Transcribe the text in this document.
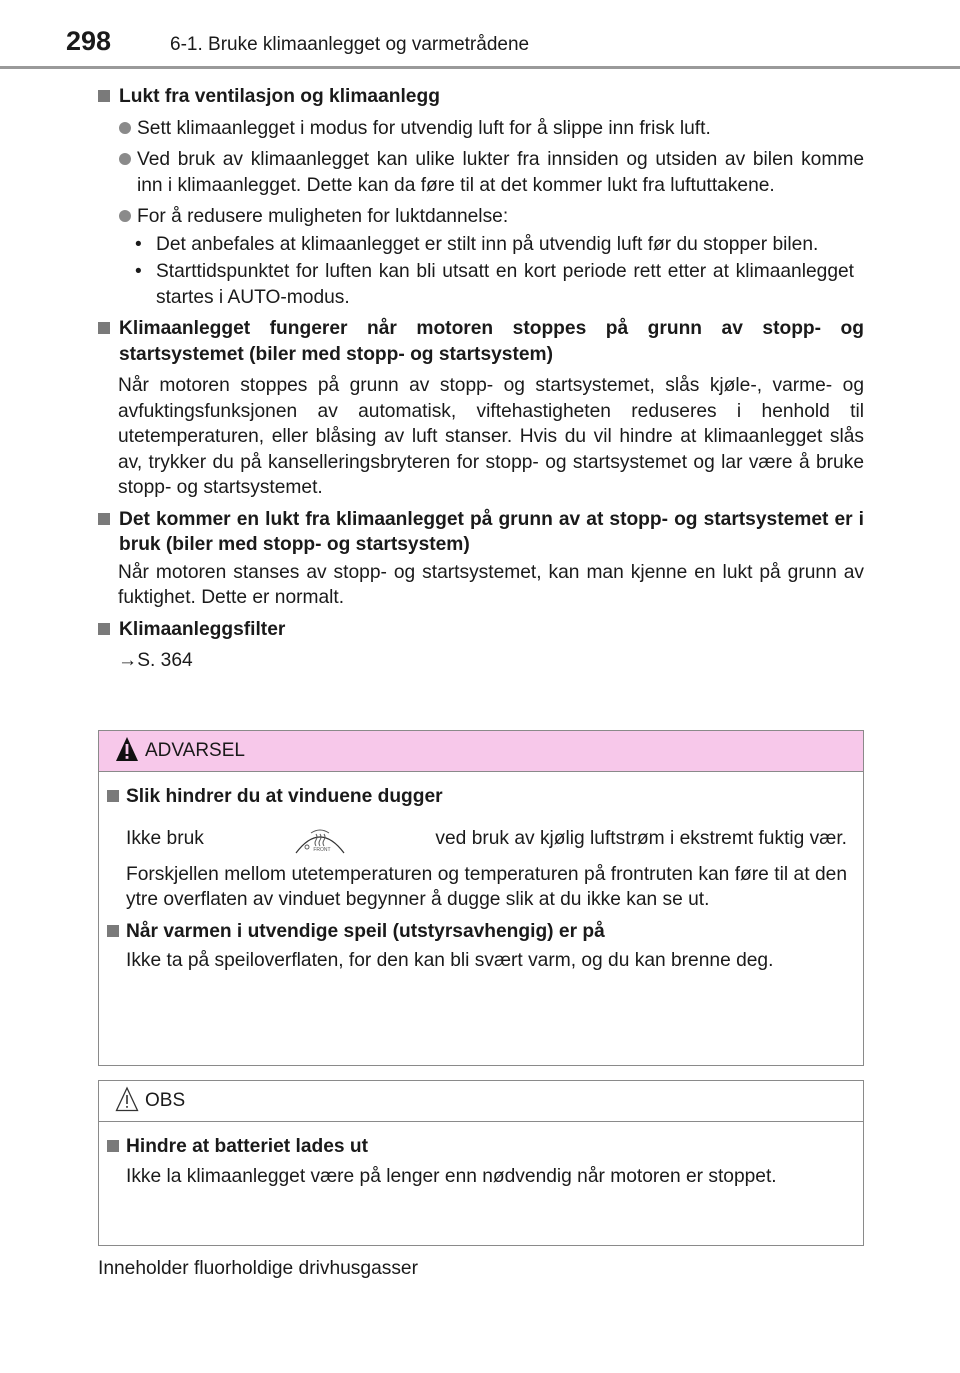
298	6-1. Bruke klimaanlegget og varmetrådene
Lukt fra ventilasjon og klimaanlegg
Sett klimaanlegget i modus for utvendig luft for å slippe inn frisk luft.
Ved bruk av klimaanlegget kan ulike lukter fra innsiden og utsiden av bilen komme inn i klimaanlegget. Dette kan da føre til at det kommer lukt fra luftuttakene.
For å redusere muligheten for luktdannelse:
• Det anbefales at klimaanlegget er stilt inn på utvendig luft før du stopper bilen.
• Starttidspunktet for luften kan bli utsatt en kort periode rett etter at klimaanlegget startes i AUTO-modus.
Klimaanlegget fungerer når motoren stoppes på grunn av stopp- og startsystemet (biler med stopp- og startsystem)
Når motoren stoppes på grunn av stopp- og startsystemet, slås kjøle-, varme- og avfuktingsfunksjonen av automatisk, viftehastigheten reduseres i henhold til utetemperaturen, eller blåsing av luft stanser. Hvis du vil hindre at klimaanlegget slås av, trykker du på kanselleringsbryteren for stopp- og startsystemet og lar være å bruke stopp- og startsystemet.
Det kommer en lukt fra klimaanlegget på grunn av at stopp- og startsystemet er i bruk (biler med stopp- og startsystem)
Når motoren stanses av stopp- og startsystemet, kan man kjenne en lukt på grunn av fuktighet. Dette er normalt.
Klimaanleggsfilter
→S. 364
ADVARSEL
Slik hindrer du at vinduene dugger
Ikke bruk
FRONT
ved bruk av kjølig luftstrøm i ekstremt fuktig vær.
Forskjellen mellom utetemperaturen og temperaturen på frontruten kan føre til at den ytre overflaten av vinduet begynner å dugge slik at du ikke kan se ut.
Når varmen i utvendige speil (utstyrsavhengig) er på
Ikke ta på speiloverflaten, for den kan bli svært varm, og du kan brenne deg.
OBS
Hindre at batteriet lades ut
Ikke la klimaanlegget være på lenger enn nødvendig når motoren er stoppet.
Inneholder fluorholdige drivhusgasser
